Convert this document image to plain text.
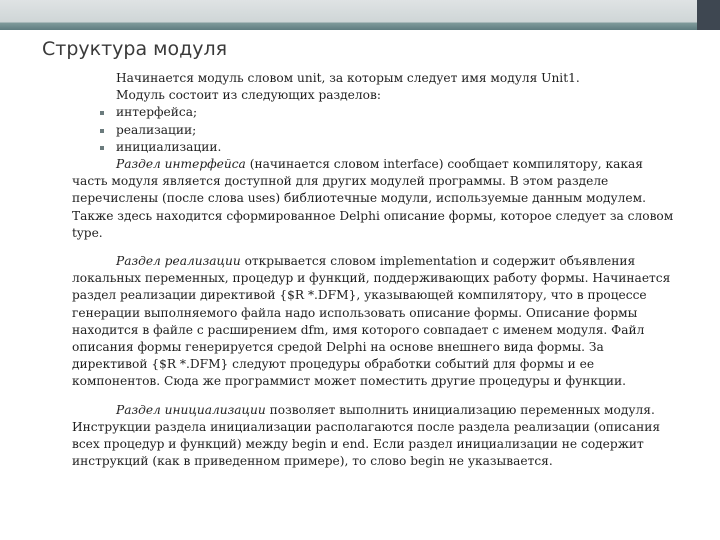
Структура модуля

Начинается модуль словом unit, за которым следует имя модуля Unit1.

Модуль состоит из следующих разделов:

интерфейса;
реализации;
инициализации.

Раздел интерфейса (начинается словом interface) сообщает компилятору, какая часть модуля является доступной для других модулей программы. В этом разделе перечислены (после слова uses) библиотечные модули, используемые данным модулем. Также здесь находится сформированное Delphi описание формы, которое следует за словом type.

Раздел реализации открывается словом implementation и содержит объявления локальных переменных, процедур и функций, поддерживающих работу формы. Начинается раздел реализации директивой {$R *.DFM}, указывающей компилятору, что в процессе генерации выполняемого файла надо использовать описание формы. Описание формы находится в файле с расширением dfm, имя которого совпадает с именем модуля. Файл описания формы генерируется средой Delphi на основе внешнего вида формы. За директивой {$R *.DFM} следуют процедуры обработки событий для формы и ее компонентов. Сюда же программист может поместить другие процедуры и функции.

Раздел инициализации позволяет выполнить инициализацию переменных модуля. Инструкции раздела инициализации располагаются после раздела реализации (описания всех процедур и функций) между begin и end. Если раздел инициализации не содержит инструкций (как в приведенном примере), то слово begin не указывается.
